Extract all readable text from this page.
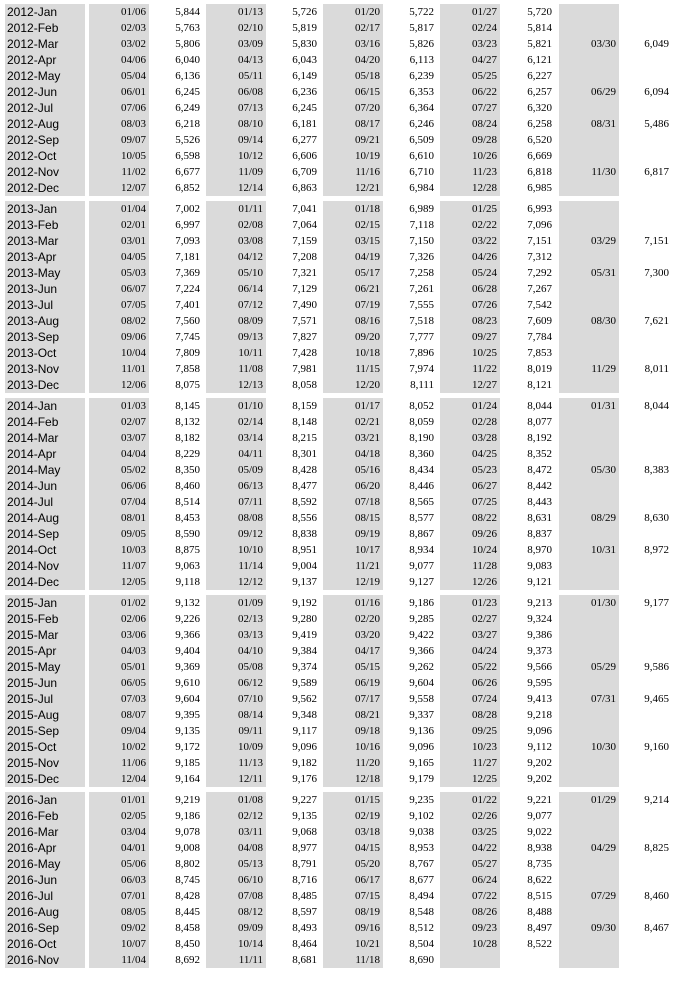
2012-Jan	01/06	5,844	01/13	5,726	01/20	5,722	01/27	5,720
2012-Feb	02/03	5,763	02/10	5,819	02/17	5,817	02/24	5,814
2012-Mar	03/02	5,806	03/09	5,830	03/16	5,826	03/23	5,821	03/30	6,049
2012-Apr	04/06	6,040	04/13	6,043	04/20	6,113	04/27	6,121
2012-May	05/04	6,136	05/11	6,149	05/18	6,239	05/25	6,227
2012-Jun	06/01	6,245	06/08	6,236	06/15	6,353	06/22	6,257	06/29	6,094
2012-Jul	07/06	6,249	07/13	6,245	07/20	6,364	07/27	6,320
2012-Aug	08/03	6,218	08/10	6,181	08/17	6,246	08/24	6,258	08/31	5,486
2012-Sep	09/07	5,526	09/14	6,277	09/21	6,509	09/28	6,520
2012-Oct	10/05	6,598	10/12	6,606	10/19	6,610	10/26	6,669
2012-Nov	11/02	6,677	11/09	6,709	11/16	6,710	11/23	6,818	11/30	6,817
2012-Dec	12/07	6,852	12/14	6,863	12/21	6,984	12/28	6,985
2013-Jan	01/04	7,002	01/11	7,041	01/18	6,989	01/25	6,993
2013-Feb	02/01	6,997	02/08	7,064	02/15	7,118	02/22	7,096
2013-Mar	03/01	7,093	03/08	7,159	03/15	7,150	03/22	7,151	03/29	7,151
2013-Apr	04/05	7,181	04/12	7,208	04/19	7,326	04/26	7,312
2013-May	05/03	7,369	05/10	7,321	05/17	7,258	05/24	7,292	05/31	7,300
2013-Jun	06/07	7,224	06/14	7,129	06/21	7,261	06/28	7,267
2013-Jul	07/05	7,401	07/12	7,490	07/19	7,555	07/26	7,542
2013-Aug	08/02	7,560	08/09	7,571	08/16	7,518	08/23	7,609	08/30	7,621
2013-Sep	09/06	7,745	09/13	7,827	09/20	7,777	09/27	7,784
2013-Oct	10/04	7,809	10/11	7,428	10/18	7,896	10/25	7,853
2013-Nov	11/01	7,858	11/08	7,981	11/15	7,974	11/22	8,019	11/29	8,011
2013-Dec	12/06	8,075	12/13	8,058	12/20	8,111	12/27	8,121
2014-Jan	01/03	8,145	01/10	8,159	01/17	8,052	01/24	8,044	01/31	8,044
2014-Feb	02/07	8,132	02/14	8,148	02/21	8,059	02/28	8,077
2014-Mar	03/07	8,182	03/14	8,215	03/21	8,190	03/28	8,192
2014-Apr	04/04	8,229	04/11	8,301	04/18	8,360	04/25	8,352
2014-May	05/02	8,350	05/09	8,428	05/16	8,434	05/23	8,472	05/30	8,383
2014-Jun	06/06	8,460	06/13	8,477	06/20	8,446	06/27	8,442
2014-Jul	07/04	8,514	07/11	8,592	07/18	8,565	07/25	8,443
2014-Aug	08/01	8,453	08/08	8,556	08/15	8,577	08/22	8,631	08/29	8,630
2014-Sep	09/05	8,590	09/12	8,838	09/19	8,867	09/26	8,837
2014-Oct	10/03	8,875	10/10	8,951	10/17	8,934	10/24	8,970	10/31	8,972
2014-Nov	11/07	9,063	11/14	9,004	11/21	9,077	11/28	9,083
2014-Dec	12/05	9,118	12/12	9,137	12/19	9,127	12/26	9,121
2015-Jan	01/02	9,132	01/09	9,192	01/16	9,186	01/23	9,213	01/30	9,177
2015-Feb	02/06	9,226	02/13	9,280	02/20	9,285	02/27	9,324
2015-Mar	03/06	9,366	03/13	9,419	03/20	9,422	03/27	9,386
2015-Apr	04/03	9,404	04/10	9,384	04/17	9,366	04/24	9,373
2015-May	05/01	9,369	05/08	9,374	05/15	9,262	05/22	9,566	05/29	9,586
2015-Jun	06/05	9,610	06/12	9,589	06/19	9,604	06/26	9,595
2015-Jul	07/03	9,604	07/10	9,562	07/17	9,558	07/24	9,413	07/31	9,465
2015-Aug	08/07	9,395	08/14	9,348	08/21	9,337	08/28	9,218
2015-Sep	09/04	9,135	09/11	9,117	09/18	9,136	09/25	9,096
2015-Oct	10/02	9,172	10/09	9,096	10/16	9,096	10/23	9,112	10/30	9,160
2015-Nov	11/06	9,185	11/13	9,182	11/20	9,165	11/27	9,202
2015-Dec	12/04	9,164	12/11	9,176	12/18	9,179	12/25	9,202
2016-Jan	01/01	9,219	01/08	9,227	01/15	9,235	01/22	9,221	01/29	9,214
2016-Feb	02/05	9,186	02/12	9,135	02/19	9,102	02/26	9,077
2016-Mar	03/04	9,078	03/11	9,068	03/18	9,038	03/25	9,022
2016-Apr	04/01	9,008	04/08	8,977	04/15	8,953	04/22	8,938	04/29	8,825
2016-May	05/06	8,802	05/13	8,791	05/20	8,767	05/27	8,735
2016-Jun	06/03	8,745	06/10	8,716	06/17	8,677	06/24	8,622
2016-Jul	07/01	8,428	07/08	8,485	07/15	8,494	07/22	8,515	07/29	8,460
2016-Aug	08/05	8,445	08/12	8,597	08/19	8,548	08/26	8,488
2016-Sep	09/02	8,458	09/09	8,493	09/16	8,512	09/23	8,497	09/30	8,467
2016-Oct	10/07	8,450	10/14	8,464	10/21	8,504	10/28	8,522
2016-Nov	11/04	8,692	11/11	8,681	11/18	8,690
